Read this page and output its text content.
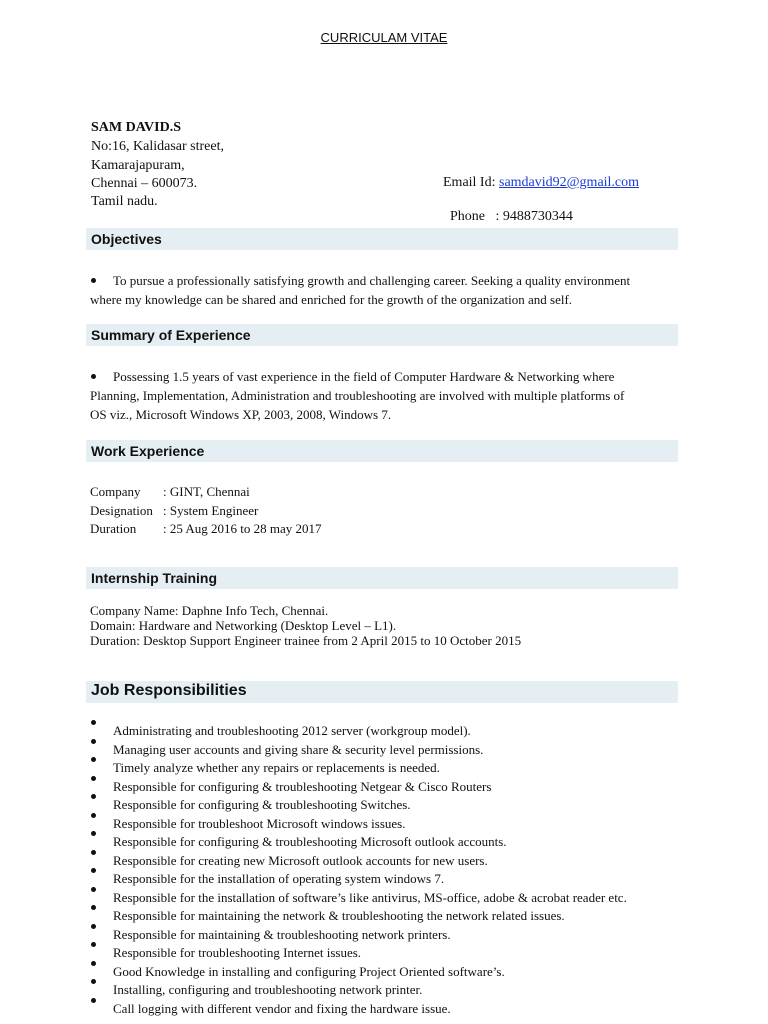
CURRICULAM VITAE
SAM DAVID.S
No:16, Kalidasar street,
Kamarajapuram,
Chennai – 600073.
Tamil nadu.
Email Id: samdavid92@gmail.com

Phone   : 9488730344

Objectives
To pursue a professionally satisfying growth and challenging career. Seeking a quality environment
where my knowledge can be shared and enriched for the growth of the organization and self.
Summary of Experience
Possessing 1.5 years of vast experience in the field of Computer Hardware & Networking where
Planning, Implementation, Administration and troubleshooting are involved with multiple platforms of
OS viz., Microsoft Windows XP, 2003, 2008, Windows 7.
Work Experience
Company	: GINT, Chennai
Designation : System Engineer
Duration	: 25 Aug 2016 to 28 may 2017
Internship Training
Company Name: Daphne Info Tech, Chennai.
Domain: Hardware and Networking (Desktop Level – L1).
Duration: Desktop Support Engineer trainee from 2 April 2015 to 10 October 2015
Job Responsibilities
Administrating and troubleshooting 2012 server (workgroup model).
Managing user accounts and giving share & security level permissions.
Timely analyze whether any repairs or replacements is needed.
Responsible for configuring & troubleshooting Netgear & Cisco Routers
Responsible for configuring & troubleshooting Switches.
Responsible for troubleshoot Microsoft windows issues.
Responsible for configuring & troubleshooting Microsoft outlook accounts.
Responsible for creating new Microsoft outlook accounts for new users.
Responsible for the installation of operating system windows 7.
Responsible for the installation of software’s like antivirus, MS-office, adobe & acrobat reader etc.
Responsible for maintaining the network & troubleshooting the network related issues.
Responsible for maintaining & troubleshooting network printers.
Responsible for troubleshooting Internet issues.
Good Knowledge in installing and configuring Project Oriented software’s.
Installing, configuring and troubleshooting network printer.
Call logging with different vendor and fixing the hardware issue.
